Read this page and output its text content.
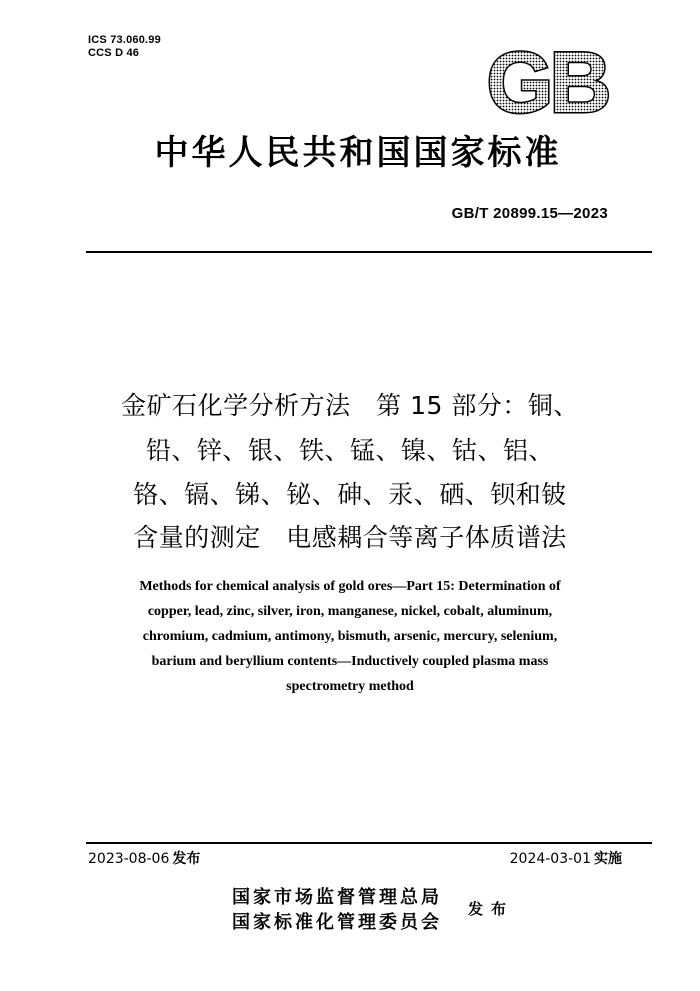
ICS 73.060.99
CCS D 46	GB
中华人民共和国国家标准
GB/T 20899.15—2023
金矿石化学分析方法　第 15 部分：铜、
铅、锌、银、铁、锰、镍、钴、铝、
铬、镉、锑、铋、砷、汞、硒、钡和铍
含量的测定　电感耦合等离子体质谱法
Methods for chemical analysis of gold ores—Part 15: Determination of
copper, lead, zinc, silver, iron, manganese, nickel, cobalt, aluminum,
chromium, cadmium, antimony, bismuth, arsenic, mercury, selenium,
barium and beryllium contents—Inductively coupled plasma mass
spectrometry method
2023-08-06 发布	2024-03-01 实施
国家市场监督管理总局
国家标准化管理委员会
发布
